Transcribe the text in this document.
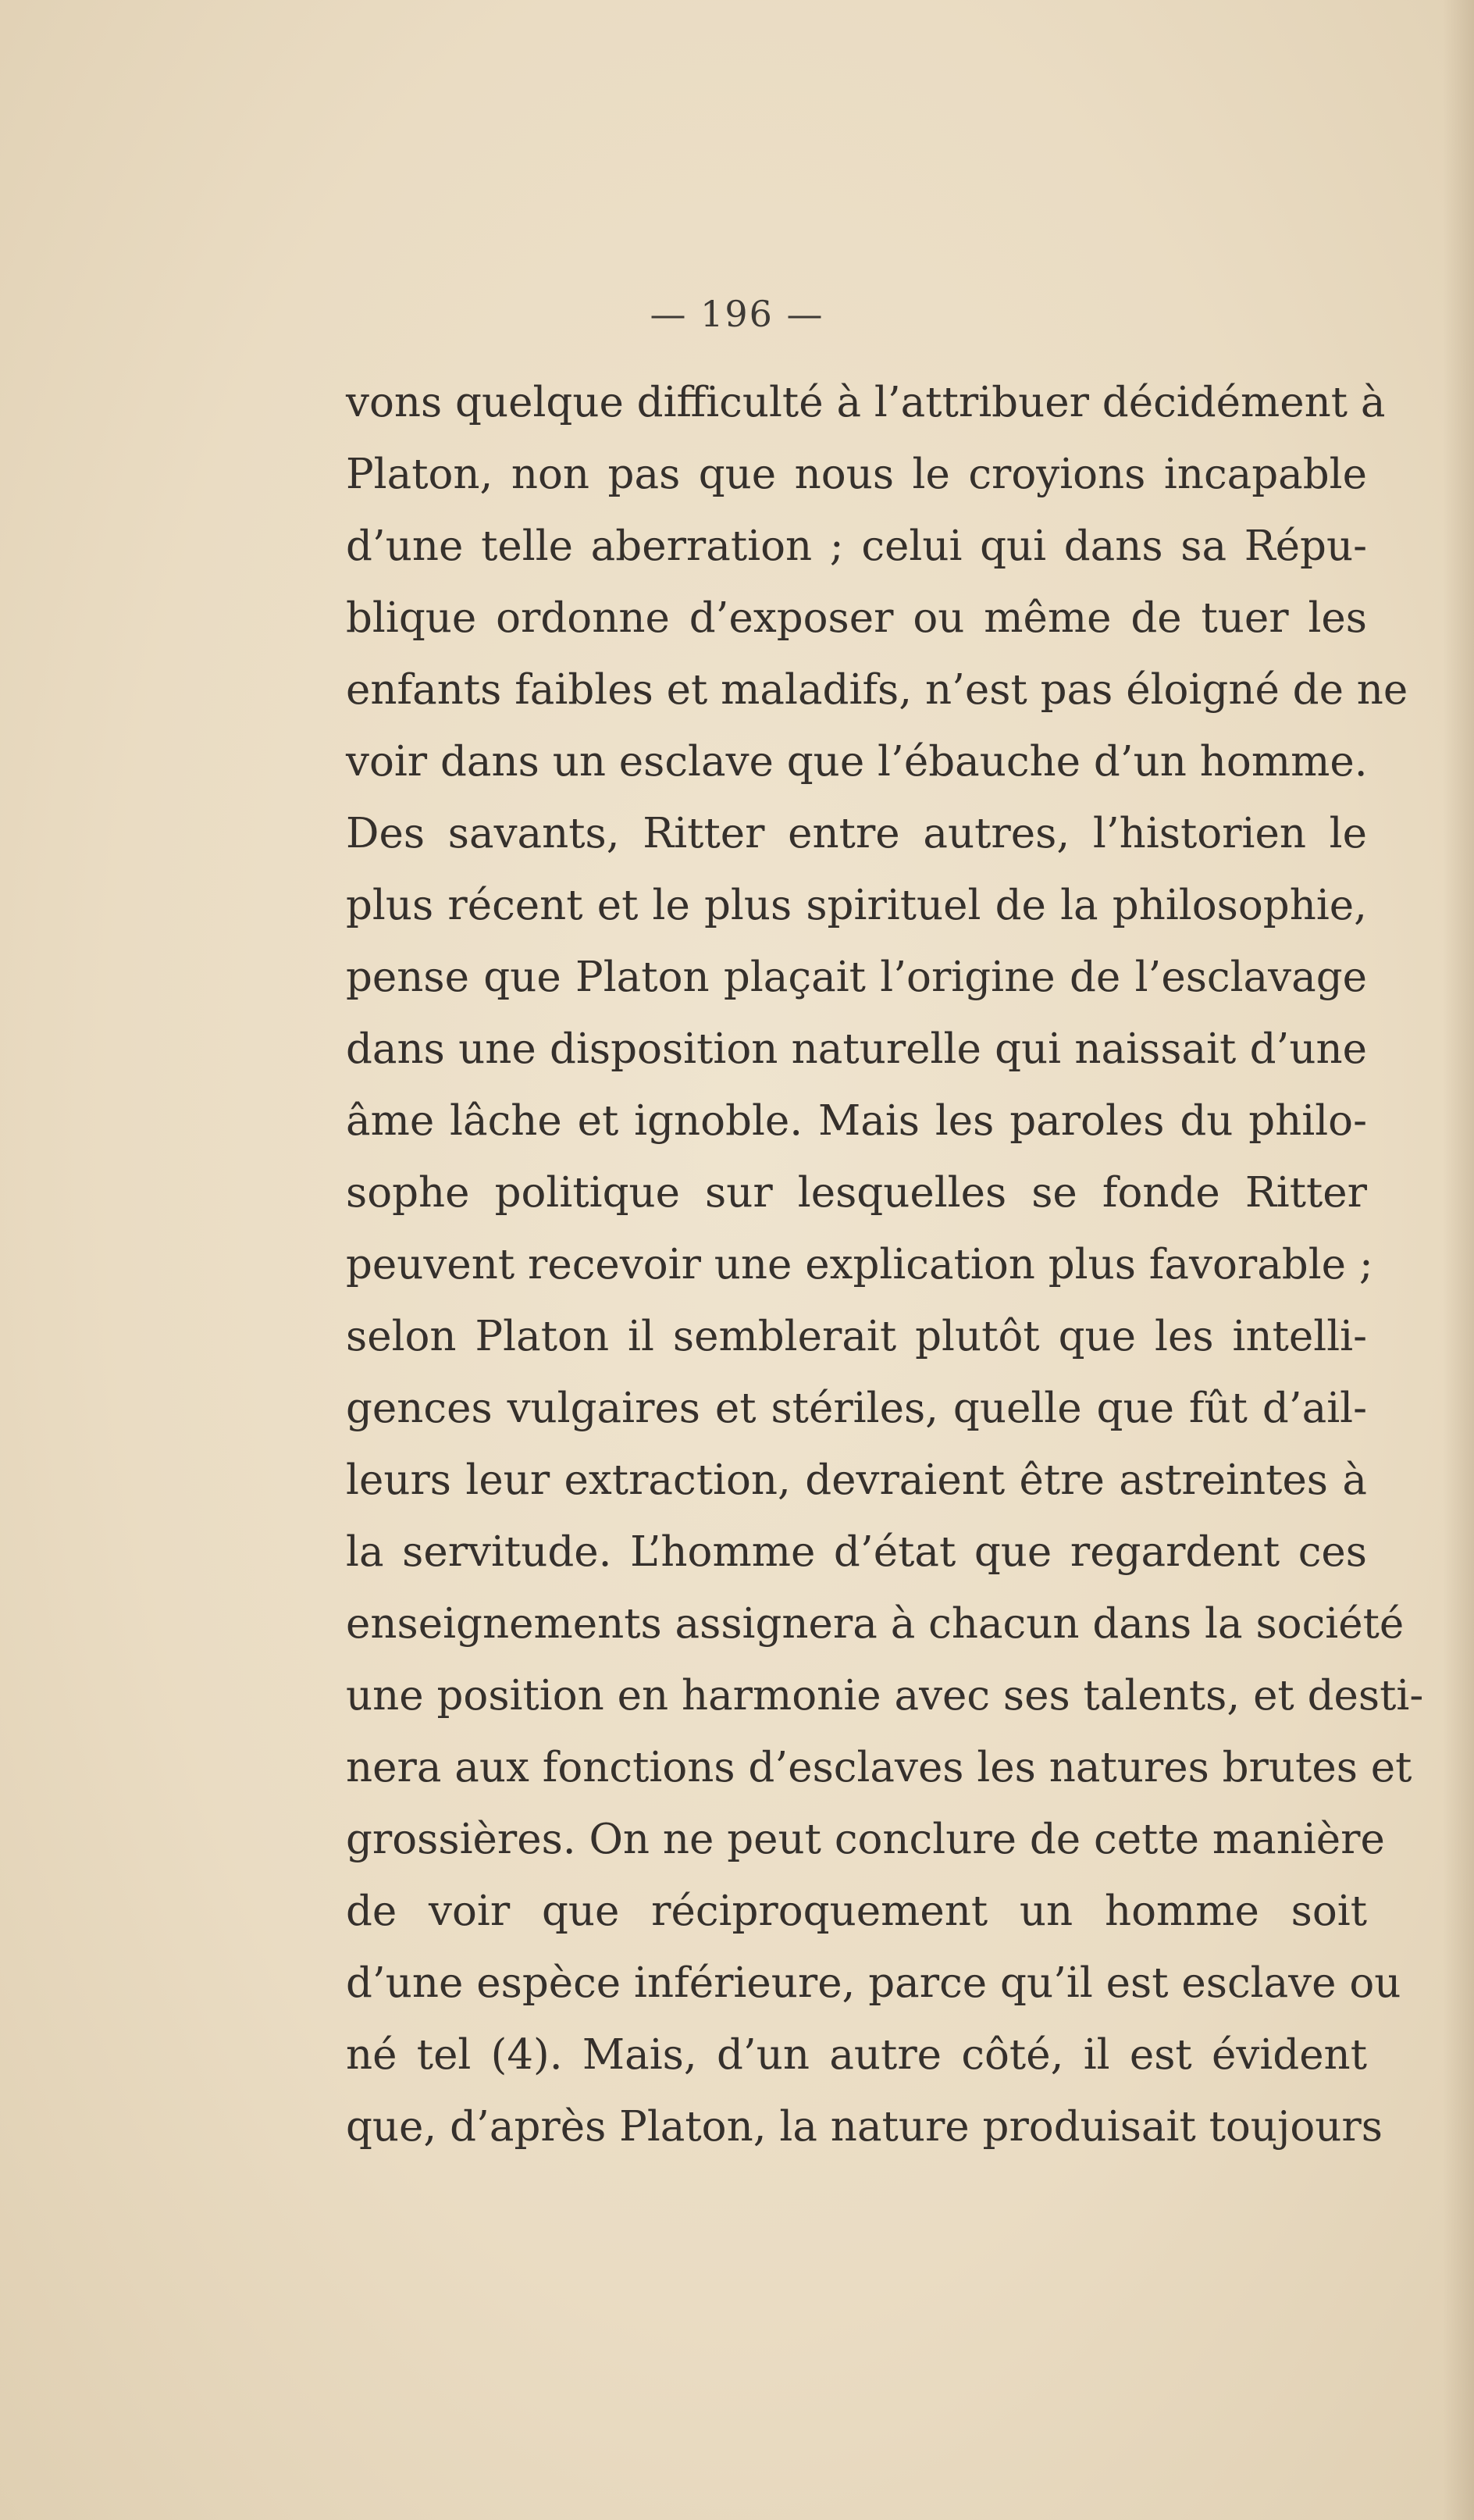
— 196 —
vons quelque difficulté à l’attribuer décidément à
Platon, non pas que nous le croyions incapable
d’une telle aberration ; celui qui dans sa Répu-
blique ordonne d’exposer ou même de tuer les
enfants faibles et maladifs, n’est pas éloigné de ne
voir dans un esclave que l’ébauche d’un homme.
Des savants, Ritter entre autres, l’historien le
plus récent et le plus spirituel de la philosophie,
pense que Platon plaçait l’origine de l’esclavage
dans une disposition naturelle qui naissait d’une
âme lâche et ignoble. Mais les paroles du philo-
sophe politique sur lesquelles se fonde Ritter
peuvent recevoir une explication plus favorable ;
selon Platon il semblerait plutôt que les intelli-
gences vulgaires et stériles, quelle que fût d’ail-
leurs leur extraction, devraient être astreintes à
la servitude. L’homme d’état que regardent ces
enseignements assignera à chacun dans la société
une position en harmonie avec ses talents, et desti-
nera aux fonctions d’esclaves les natures brutes et
grossières. On ne peut conclure de cette manière
de voir que réciproquement un homme soit
d’une espèce inférieure, parce qu’il est esclave ou
né tel (4). Mais, d’un autre côté, il est évident
que, d’après Platon, la nature produisait toujours
